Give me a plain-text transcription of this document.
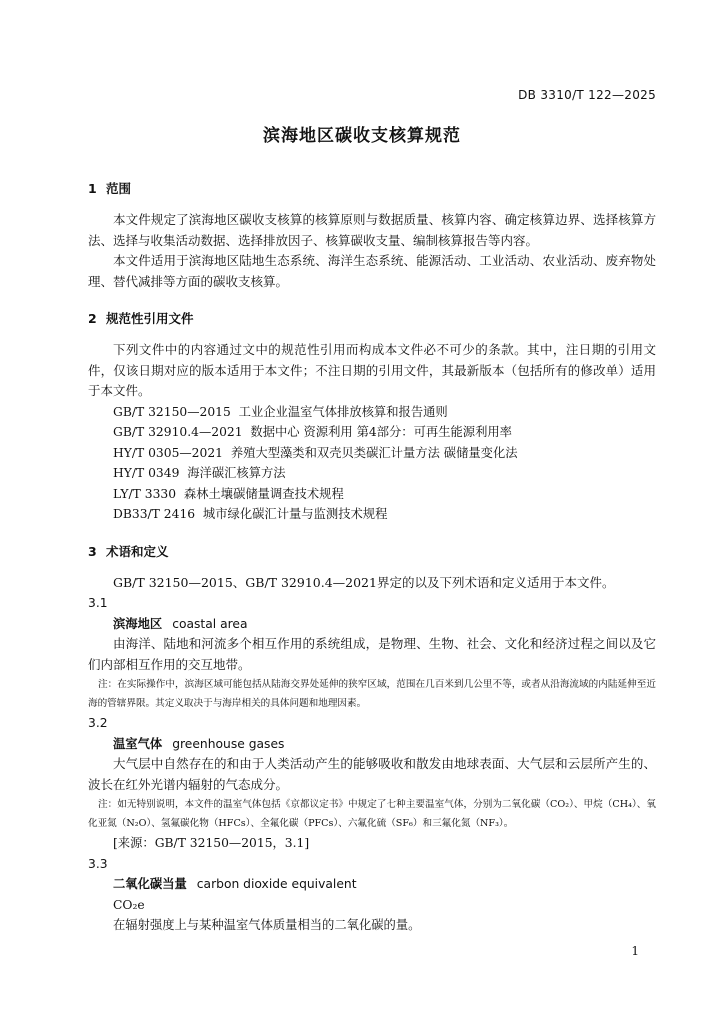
DB 3310/T 122—2025
滨海地区碳收支核算规范
1 范围

本文件规定了滨海地区碳收支核算的核算原则与数据质量、核算内容、确定核算边界、选择核算方法、选择与收集活动数据、选择排放因子、核算碳收支量、编制核算报告等内容。

本文件适用于滨海地区陆地生态系统、海洋生态系统、能源活动、工业活动、农业活动、废弃物处理、替代减排等方面的碳收支核算。

2 规范性引用文件

下列文件中的内容通过文中的规范性引用而构成本文件必不可少的条款。其中，注日期的引用文件，仅该日期对应的版本适用于本文件；不注日期的引用文件，其最新版本（包括所有的修改单）适用于本文件。

GB/T 32150—2015 工业企业温室气体排放核算和报告通则
GB/T 32910.4—2021 数据中心 资源利用 第4部分：可再生能源利用率
HY/T 0305—2021 养殖大型藻类和双壳贝类碳汇计量方法 碳储量变化法
HY/T 0349 海洋碳汇核算方法
LY/T 3330 森林土壤碳储量调查技术规程
DB33/T 2416 城市绿化碳汇计量与监测技术规程
3 术语和定义

GB/T 32150—2015、GB/T 32910.4—2021界定的以及下列术语和定义适用于本文件。

3.1
滨海地区 coastal area

由海洋、陆地和河流多个相互作用的系统组成，是物理、生物、社会、文化和经济过程之间以及它们内部相互作用的交互地带。

注：在实际操作中，滨海区域可能包括从陆海交界处延伸的狭窄区域，范围在几百米到几公里不等，或者从沿海流域的内陆延伸至近海的管辖界限。其定义取决于与海岸相关的具体问题和地理因素。

3.2
温室气体 greenhouse gases

大气层中自然存在的和由于人类活动产生的能够吸收和散发由地球表面、大气层和云层所产生的、波长在红外光谱内辐射的气态成分。

注：如无特别说明，本文件的温室气体包括《京都议定书》中规定了七种主要温室气体，分别为二氧化碳（CO₂）、甲烷（CH₄）、氧化亚氮（N₂O）、氢氟碳化物（HFCs）、全氟化碳（PFCs）、六氟化硫（SF₆）和三氟化氮（NF₃）。

[来源：GB/T 32150—2015，3.1]
3.3
二氧化碳当量 carbon dioxide equivalent
CO₂e
在辐射强度上与某种温室气体质量相当的二氧化碳的量。
1
